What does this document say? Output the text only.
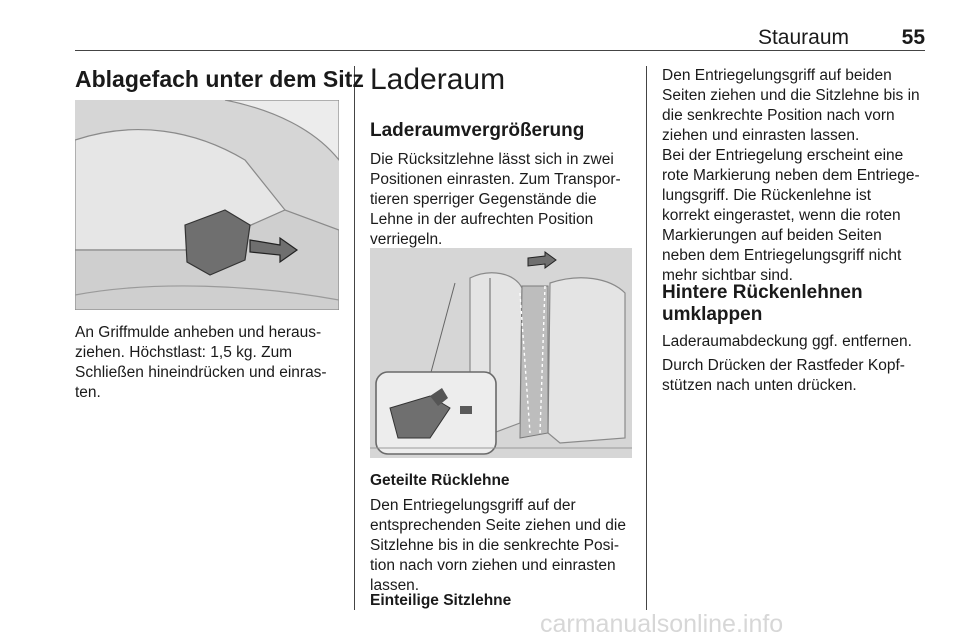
Stauraum	55
Ablagefach unter dem Sitz
An Griffmulde anheben und heraus-
ziehen. Höchstlast: 1,5 kg. Zum
Schließen hineindrücken und einras-
ten.
Laderaum
Laderaumvergrößerung
Die Rücksitzlehne lässt sich in zwei
Positionen einrasten. Zum Transpor-
tieren sperriger Gegenstände die
Lehne in der aufrechten Position
verriegeln.
Geteilte Rücklehne
Den Entriegelungsgriff auf der
entsprechenden Seite ziehen und die
Sitzlehne bis in die senkrechte Posi-
tion nach vorn ziehen und einrasten
lassen.
Einteilige Sitzlehne
Den Entriegelungsgriff auf beiden
Seiten ziehen und die Sitzlehne bis in
die senkrechte Position nach vorn
ziehen und einrasten lassen.
Bei der Entriegelung erscheint eine
rote Markierung neben dem Entriege-
lungsgriff. Die Rückenlehne ist
korrekt eingerastet, wenn die roten
Markierungen auf beiden Seiten
neben dem Entriegelungsgriff nicht
mehr sichtbar sind.
Hintere Rückenlehnen
umklappen
Laderaumabdeckung ggf. entfernen.
Durch Drücken der Rastfeder Kopf-
stützen nach unten drücken.
carmanualsonline.info
